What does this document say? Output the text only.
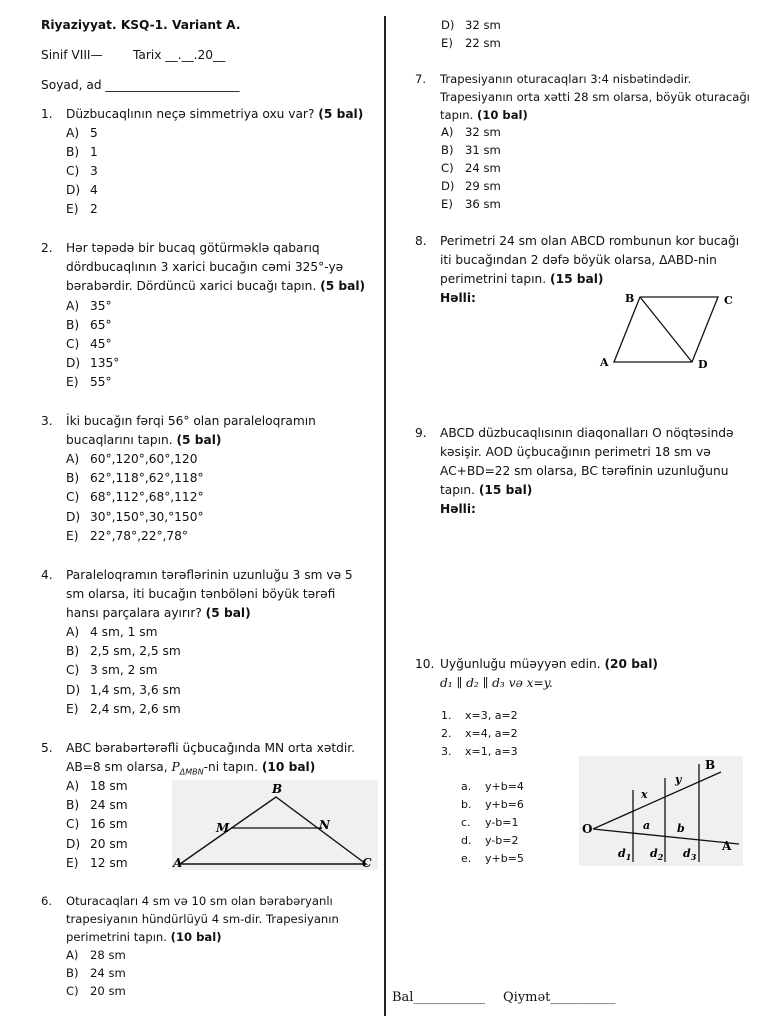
Riyaziyyat. KSQ-1. Variant A.
Sinif VIII— Tarix __.__.20__
Soyad, ad ______________________
1. Düzbucaqlının neçə simmetriya oxu var? (5 bal)
A) 5
B) 1
C) 3
D) 4
E) 2
2. Hər təpədə bir bucaq götürməklə qabarıq
dördbucaqlının 3 xarici bucağın cəmi 325°-yə
bərabərdir. Dördüncü xarici bucağı tapın. (5 bal)
A) 35°
B) 65°
C) 45°
D) 135°
E) 55°
3. İki bucağın fərqi 56° olan paraleloqramın
bucaqlarını tapın. (5 bal)
A) 60°,120°,60°,120
B) 62°,118°,62°,118°
C) 68°,112°,68°,112°
D) 30°,150°,30,°150°
E) 22°,78°,22°,78°
4. Paraleloqramın tərəflərinin uzunluğu 3 sm və 5
sm olarsa, iti bucağın tənböləni böyük tərəfi
hansı parçalara ayırır? (5 bal)
A) 4 sm, 1 sm
B) 2,5 sm, 2,5 sm
C) 3 sm, 2 sm
D) 1,4 sm, 3,6 sm
E) 2,4 sm, 2,6 sm
5. ABC bərabərtərəfli üçbucağında MN orta xətdir.
AB=8 sm olarsa, $P_{\Delta MBN}-ni$ tapın. (10 bal)
A) 18 sm
B) 24 sm
C) 16 sm
D) 20 sm
E) 12 sm
B
M	N
A	C
6. Oturacaqları 4 sm və 10 sm olan bərabəryanlı
trapesiyanın hündürlüyü 4 sm-dir. Trapesiyanın
perimetrini tapın. (10 bal)
A) 28 sm
B) 24 sm
C) 20 sm
D) 32 sm
E) 22 sm
7. Trapesiyanın oturacaqları 3:4 nisbətindədir.
Trapesiyanın orta xətti 28 sm olarsa, böyük oturacağı
tapın. (10 bal)
A) 32 sm
B) 31 sm
C) 24 sm
D) 29 sm
E) 36 sm
8. Perimetri 24 sm olan ABCD rombunun kor bucağı
iti bucağından 2 dəfə böyük olarsa, ΔABD-nin
perimetrini tapın. (15 bal)
Həlli:	B	C
A	D
9. ABCD düzbucaqlısının diaqonalları O nöqtəsində
kəsişir. AOD üçbucağının perimetri 18 sm və
AC+BD=22 sm olarsa, BC tərəfinin uzunluğunu
tapın. (15 bal)
Həlli:
10. Uyğunluğu müəyyən edin. (20 bal)
d₁ ∥ d₂ ∥ d₃ və x=y.
1. x=3, a=2
2. x=4, a=2
3. x=1, a=3
a. y+b=4
b. y+b=6
c. y-b=1
d. y-b=2
e. y+b=5
O
A
B
x
y
a b
$d_1$ $d_2$ $d_3$
Bal___________ Qiymət__________
